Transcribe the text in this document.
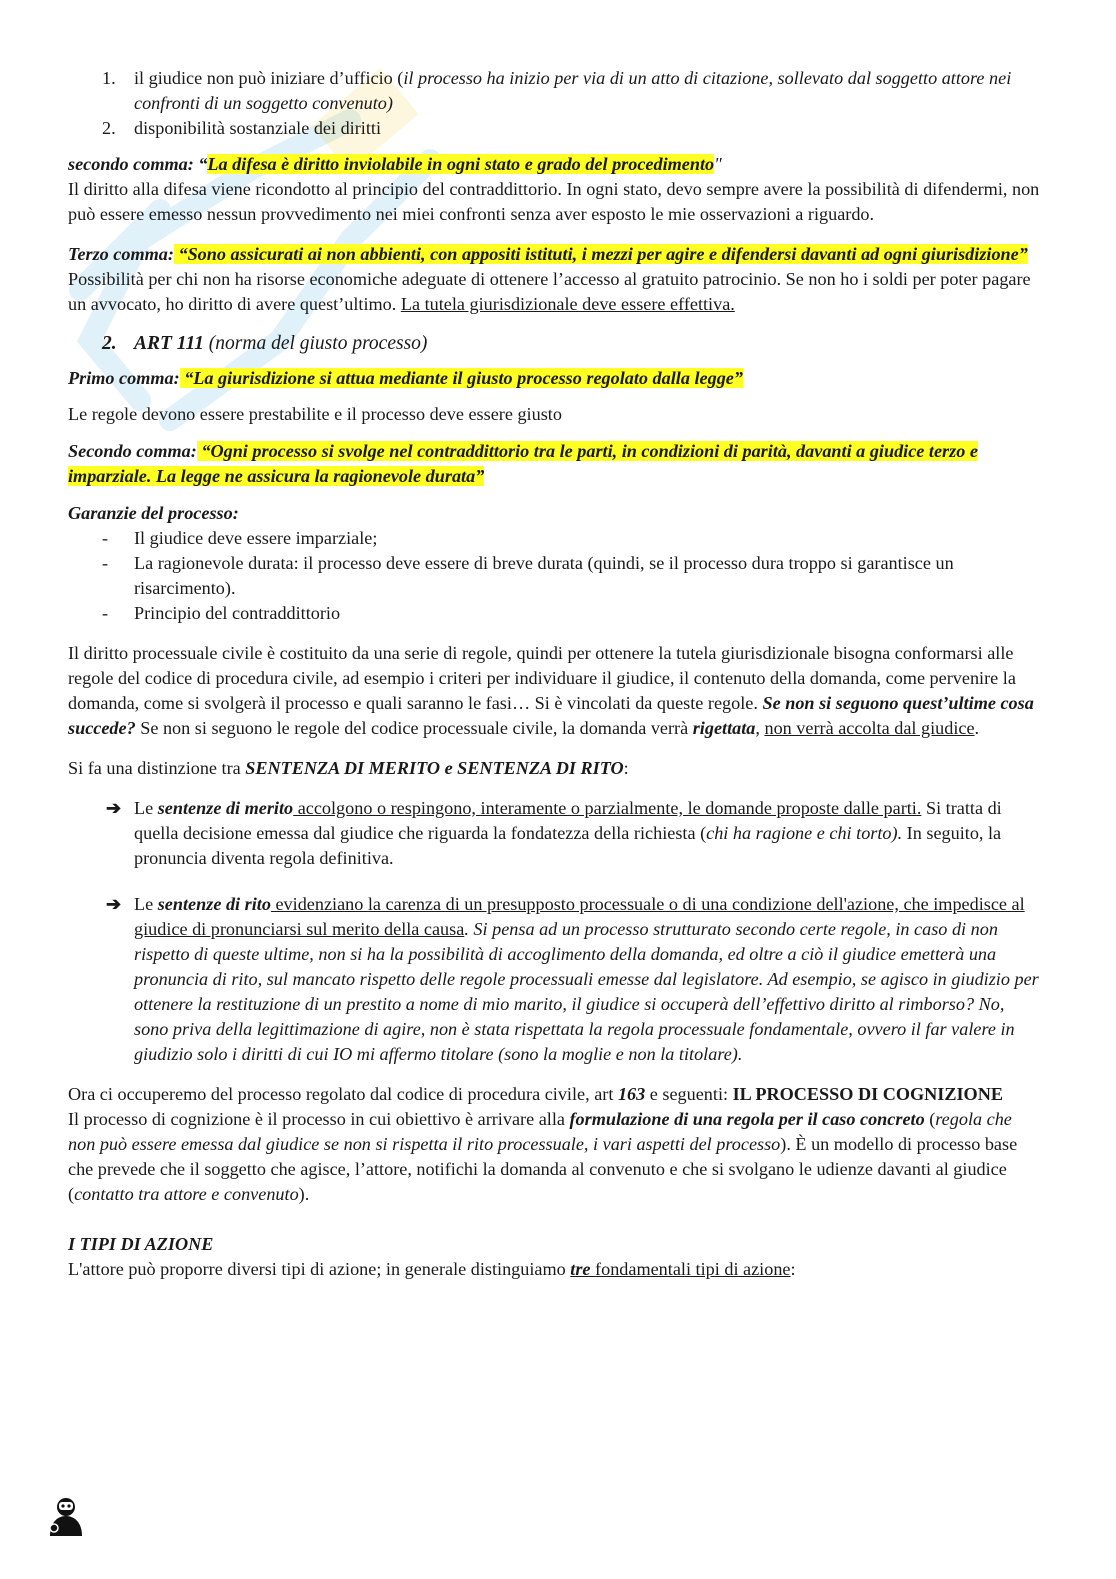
1. il giudice non può iniziare d’ufficio (il processo ha inizio per via di un atto di citazione, sollevato dal soggetto attore nei confronti di un soggetto convenuto)

2. disponibilità sostanziale dei diritti

secondo comma: “La difesa è diritto inviolabile in ogni stato e grado del procedimento"

Il diritto alla difesa viene ricondotto al principio del contraddittorio. In ogni stato, devo sempre avere la possibilità di difendermi, non può essere emesso nessun provvedimento nei miei confronti senza aver esposto le mie osservazioni a riguardo.

Terzo comma: “Sono assicurati ai non abbienti, con appositi istituti, i mezzi per agire e difendersi davanti ad ogni giurisdizione”

Possibilità per chi non ha risorse economiche adeguate di ottenere l’accesso al gratuito patrocinio. Se non ho i soldi per poter pagare un avvocato, ho diritto di avere quest’ultimo. La tutela giurisdizionale deve essere effettiva.

2. ART 111 (norma del giusto processo)

Primo comma: “La giurisdizione si attua mediante il giusto processo regolato dalla legge”

Le regole devono essere prestabilite e il processo deve essere giusto

Secondo comma: “Ogni processo si svolge nel contraddittorio tra le parti, in condizioni di parità, davanti a giudice terzo e imparziale. La legge ne assicura la ragionevole durata”

Garanzie del processo:

- Il giudice deve essere imparziale;

- La ragionevole durata: il processo deve essere di breve durata (quindi, se il processo dura troppo si garantisce un risarcimento).

- Principio del contraddittorio

Il diritto processuale civile è costituito da una serie di regole, quindi per ottenere la tutela giurisdizionale bisogna conformarsi alle regole del codice di procedura civile, ad esempio i criteri per individuare il giudice, il contenuto della domanda, come pervenire la domanda, come si svolgerà il processo e quali saranno le fasi… Si è vincolati da queste regole. Se non si seguono quest’ultime cosa succede? Se non si seguono le regole del codice processuale civile, la domanda verrà rigettata, non verrà accolta dal giudice.

Si fa una distinzione tra SENTENZA DI MERITO e SENTENZA DI RITO:

➔ Le sentenze di merito accolgono o respingono, interamente o parzialmente, le domande proposte dalle parti. Si tratta di quella decisione emessa dal giudice che riguarda la fondatezza della richiesta (chi ha ragione e chi torto). In seguito, la pronuncia diventa regola definitiva.

➔ Le sentenze di rito evidenziano la carenza di un presupposto processuale o di una condizione dell'azione, che impedisce al giudice di pronunciarsi sul merito della causa. Si pensa ad un processo strutturato secondo certe regole, in caso di non rispetto di queste ultime, non si ha la possibilità di accoglimento della domanda, ed oltre a ciò il giudice emetterà una pronuncia di rito, sul mancato rispetto delle regole processuali emesse dal legislatore. Ad esempio, se agisco in giudizio per ottenere la restituzione di un prestito a nome di mio marito, il giudice si occuperà dell’effettivo diritto al rimborso? No, sono priva della legittimazione di agire, non è stata rispettata la regola processuale fondamentale, ovvero il far valere in giudizio solo i diritti di cui IO mi affermo titolare (sono la moglie e non la titolare).

Ora ci occuperemo del processo regolato dal codice di procedura civile, art 163 e seguenti: IL PROCESSO DI COGNIZIONE

Il processo di cognizione è il processo in cui obiettivo è arrivare alla formulazione di una regola per il caso concreto (regola che non può essere emessa dal giudice se non si rispetta il rito processuale, i vari aspetti del processo). È un modello di processo base che prevede che il soggetto che agisce, l’attore, notifichi la domanda al convenuto e che si svolgano le udienze davanti al giudice (contatto tra attore e convenuto).

I TIPI DI AZIONE

L'attore può proporre diversi tipi di azione; in generale distinguiamo tre fondamentali tipi di azione:
